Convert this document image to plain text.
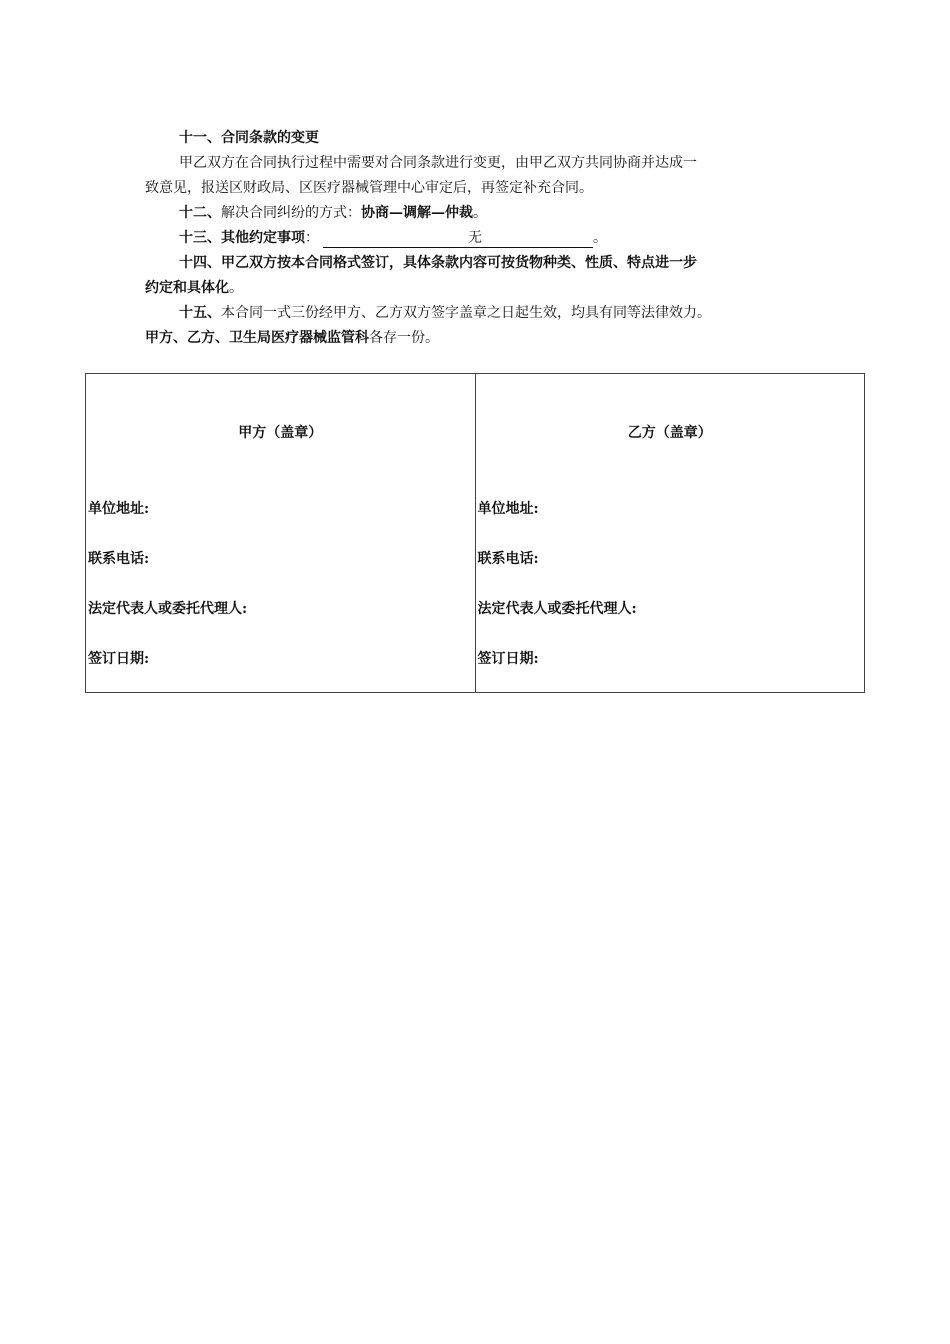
十一、合同条款的变更

甲乙双方在合同执行过程中需要对合同条款进行变更，由甲乙双方共同协商并达成一

致意见，报送区财政局、区医疗器械管理中心审定后，再签定补充合同。

十二、解决合同纠纷的方式：协商—调解—仲裁。

十三、其他约定事项：	无	。

十四、甲乙双方按本合同格式签订，具体条款内容可按货物种类、性质、特点进一步

约定和具体化。

十五、本合同一式三份经甲方、乙方双方签字盖章之日起生效，均具有同等法律效力。

甲方、乙方、卫生局医疗器械监管科各存一份。

甲方（盖章）
单位地址:
联系电话:
法定代表人或委托代理人:
签订日期:
乙方（盖章）
单位地址:
联系电话:
法定代表人或委托代理人:
签订日期:
